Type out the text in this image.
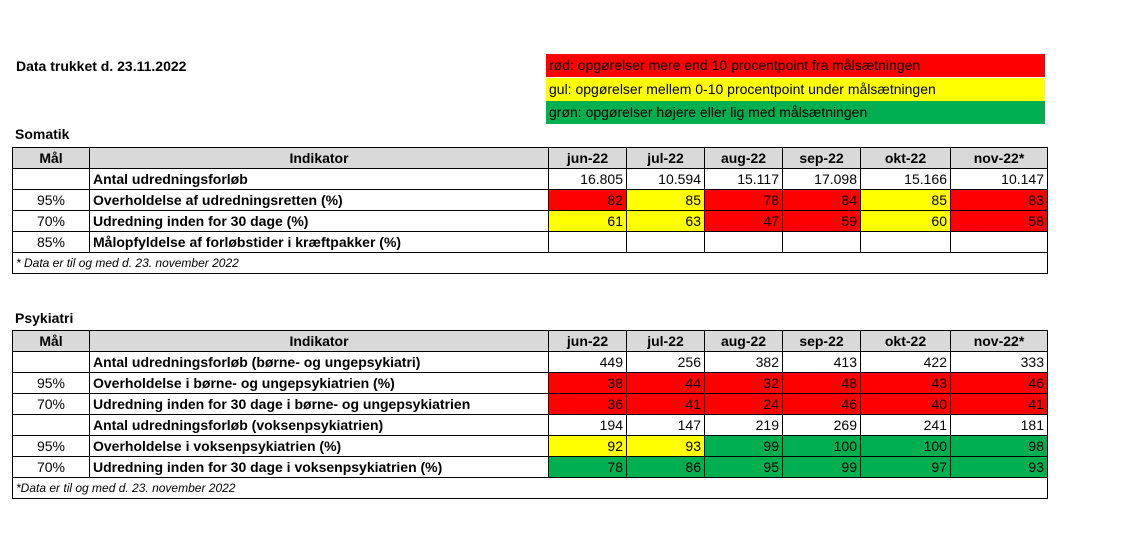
Data trukket d. 23.11.2022	rød: opgørelser mere end 10 procentpoint fra målsætningen
gul: opgørelser mellem 0-10 procentpoint under målsætningen
grøn: opgørelser højere eller lig med målsætningen
Somatik
Mål	Indikator	jun-22	jul-22	aug-22	sep-22	okt-22	nov-22*
	Antal udredningsforløb	16.805	10.594	15.117	17.098	15.166	10.147
95%	Overholdelse af udredningsretten (%)	82	85	78	84	85	83
70%	Udredning inden for 30 dage (%)	61	63	47	59	60	58
85%	Målopfyldelse af forløbstider i kræftpakker (%)						
* Data er til og med d. 23. november 2022							
Psykiatri
Mål	Indikator	jun-22	jul-22	aug-22	sep-22	okt-22	nov-22*
	Antal udredningsforløb (børne- og ungepsykiatri)	449	256	382	413	422	333
95%	Overholdelse i børne- og ungepsykiatrien (%)	38	44	32	48	43	46
70%	Udredning inden for 30 dage i børne- og ungepsykiatrien	36	41	24	46	40	41
	Antal udredningsforløb (voksenpsykiatrien)	194	147	219	269	241	181
95%	Overholdelse i voksenpsykiatrien (%)	92	93	99	100	100	98
70%	Udredning inden for 30 dage i voksenpsykiatrien (%)	78	86	95	99	97	93
*Data er til og med d. 23. november 2022							
